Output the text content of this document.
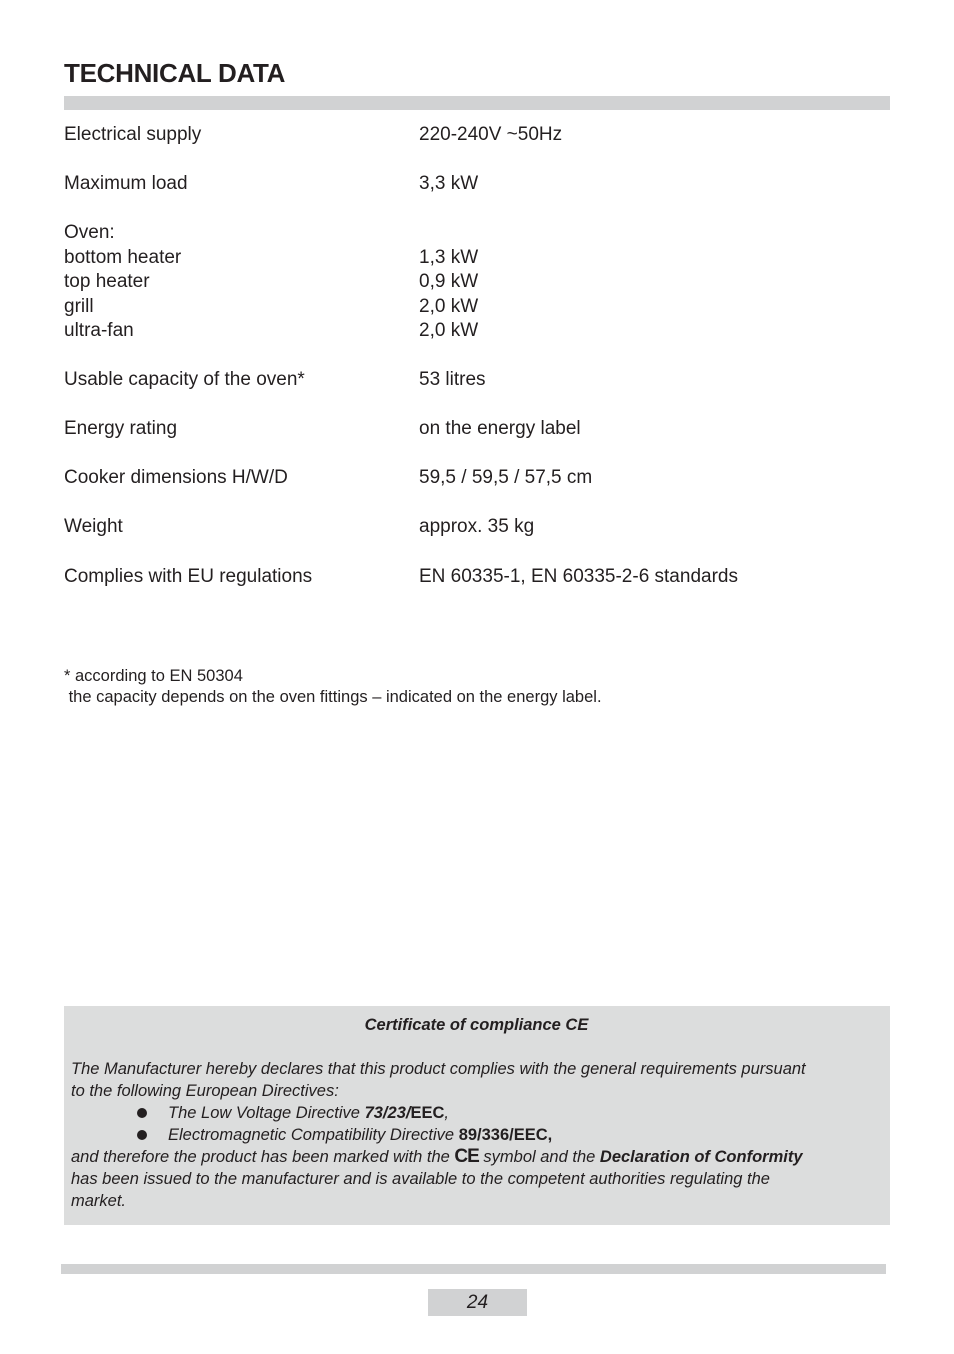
TECHNICAL DATA
Electrical supply	220-240V ~50Hz
Maximum load	3,3 kW
Oven:
bottom heater	1,3 kW
top heater	0,9 kW
grill	2,0 kW
ultra-fan	2,0 kW
Usable capacity of the oven*	53 litres
Energy rating	on the energy label
Cooker dimensions H/W/D	59,5 / 59,5 / 57,5 cm
Weight	approx. 35 kg
Complies with EU regulations	EN 60335-1, EN 60335-2-6 standards
* according to EN 50304
the capacity depends on the oven fittings – indicated on the energy label.
Certificate of compliance CE
The Manufacturer hereby declares that this product complies with the general requirements pursuant
to the following European Directives:
The Low Voltage Directive 73/23/EEC,
Electromagnetic Compatibility Directive 89/336/EEC,
and therefore the product has been marked with the CE symbol and the Declaration of Conformity
has been issued to the manufacturer and is available to the competent authorities regulating the
market.
24
